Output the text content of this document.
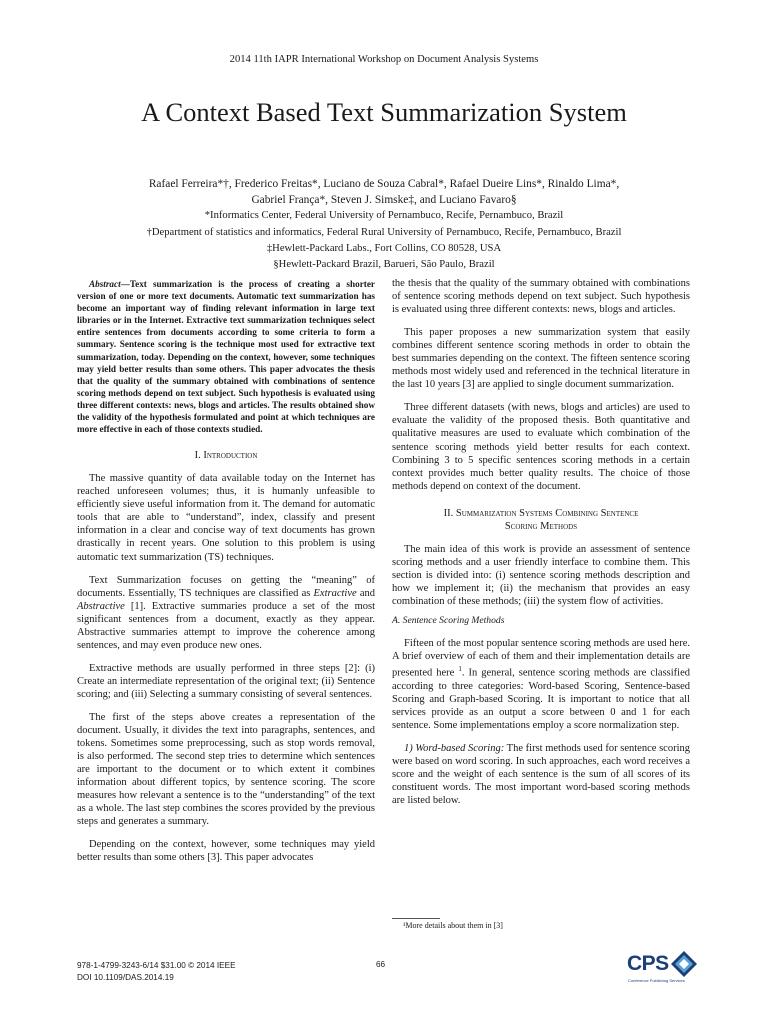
2014 11th IAPR International Workshop on Document Analysis Systems
A Context Based Text Summarization System
Rafael Ferreira*†, Frederico Freitas*, Luciano de Souza Cabral*, Rafael Dueire Lins*, Rinaldo Lima*,
Gabriel França*, Steven J. Simske‡, and Luciano Favaro§
*Informatics Center, Federal University of Pernambuco, Recife, Pernambuco, Brazil
†Department of statistics and informatics, Federal Rural University of Pernambuco, Recife, Pernambuco, Brazil
‡Hewlett-Packard Labs., Fort Collins, CO 80528, USA
§Hewlett-Packard Brazil, Barueri, São Paulo, Brazil

Abstract—Text summarization is the process of creating a shorter version of one or more text documents. Automatic text summarization has become an important way of finding relevant information in large text libraries or in the Internet. Extractive text summarization techniques select entire sentences from documents according to some criteria to form a summary. Sentence scoring is the technique most used for extractive text summarization, today. Depending on the context, however, some techniques may yield better results than some others. This paper advocates the thesis that the quality of the summary obtained with combinations of sentence scoring methods depend on text subject. Such hypothesis is evaluated using three different contexts: news, blogs and articles. The results obtained show the validity of the hypothesis formulated and point at which techniques are more effective in each of those contexts studied.

I. Introduction

The massive quantity of data available today on the Internet has reached unforeseen volumes; thus, it is humanly unfeasible to efficiently sieve useful information from it. The demand for automatic tools that are able to “understand”, index, classify and present information in a clear and concise way of text documents has grown drastically in recent years. One solution to this problem is using automatic text summarization (TS) techniques.

Text Summarization focuses on getting the “meaning” of documents. Essentially, TS techniques are classified as Extractive and Abstractive [1]. Extractive summaries produce a set of the most significant sentences from a document, exactly as they appear. Abstractive summaries attempt to improve the coherence among sentences, and may even produce new ones.

Extractive methods are usually performed in three steps [2]: (i) Create an intermediate representation of the original text; (ii) Sentence scoring; and (iii) Selecting a summary consisting of several sentences.

The first of the steps above creates a representation of the document. Usually, it divides the text into paragraphs, sentences, and tokens. Sometimes some preprocessing, such as stop words removal, is also performed. The second step tries to determine which sentences are important to the document or to which extent it combines information about different topics, by sentence scoring. The score measures how relevant a sentence is to the “understanding” of the text as a whole. The last step combines the scores provided by the previous steps and generates a summary.

Depending on the context, however, some techniques may yield better results than some others [3]. This paper advocates

the thesis that the quality of the summary obtained with combinations of sentence scoring methods depend on text subject. Such hypothesis is evaluated using three different contexts: news, blogs and articles.

This paper proposes a new summarization system that easily combines different sentence scoring methods in order to obtain the best summaries depending on the context. The fifteen sentence scoring methods most widely used and referenced in the technical literature in the last 10 years [3] are applied to single document summarization.

Three different datasets (with news, blogs and articles) are used to evaluate the validity of the proposed thesis. Both quantitative and qualitative measures are used to evaluate which combination of the sentence scoring methods yield better results for each context. Combining 3 to 5 specific sentences scoring methods in a certain context provides much better quality results. The choice of those methods depend on context of the document.

II. Summarization Systems Combining Sentence
Scoring Methods

The main idea of this work is provide an assessment of sentence scoring methods and a user friendly interface to combine them. This section is divided into: (i) sentence scoring methods description and how we implement it; (ii) the mechanism that provides an easy combination of these methods; (iii) the system flow of activities.

A. Sentence Scoring Methods

Fifteen of the most popular sentence scoring methods are used here. A brief overview of each of them and their implementation details are presented here $^1$. In general, sentence scoring methods are classified according to three categories: Word-based Scoring, Sentence-based Scoring and Graph-based Scoring. It is important to notice that all services provide as an output a score between 0 and 1 for each sentence. Some implementations employ a score normalization step.

1) Word-based Scoring: The first methods used for sentence scoring were based on word scoring. In such approaches, each word receives a score and the weight of each sentence is the sum of all scores of its constituent words. The most important word-based scoring methods are listed below.

¹More details about them in [3]
978-1-4799-3243-6/14 $31.00 © 2014 IEEE
DOI 10.1109/DAS.2014.19
66	CPS
Conference Publishing Services
